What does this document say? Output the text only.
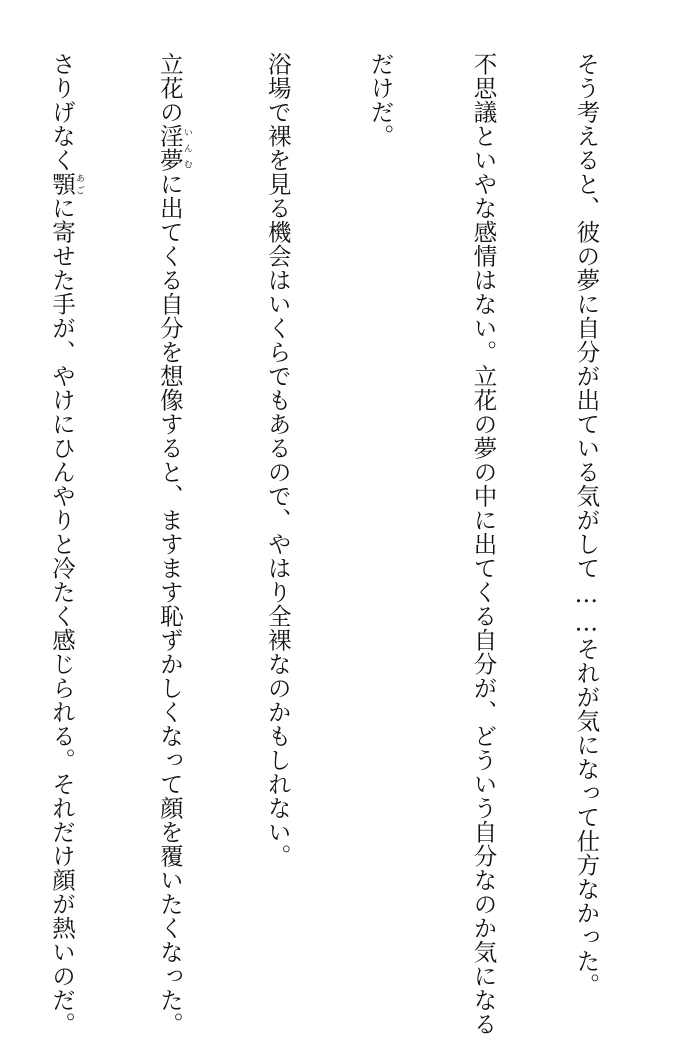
そう考えると、彼の夢に自分が出ている気がして……それが気になって仕方なかった。

不思議といやな感情はない。立花の夢の中に出てくる自分が、どういう自分なのか気になる

だけだ。

浴場で裸を見る機会はいくらでもあるので、やはり全裸なのかもしれない。

立花の淫夢いんむに出てくる自分を想像すると、ますます恥ずかしくなって顔を覆いたくなった。

さりげなく顎あごに寄せた手が、やけにひんやりと冷たく感じられる。それだけ顔が熱いのだ。
